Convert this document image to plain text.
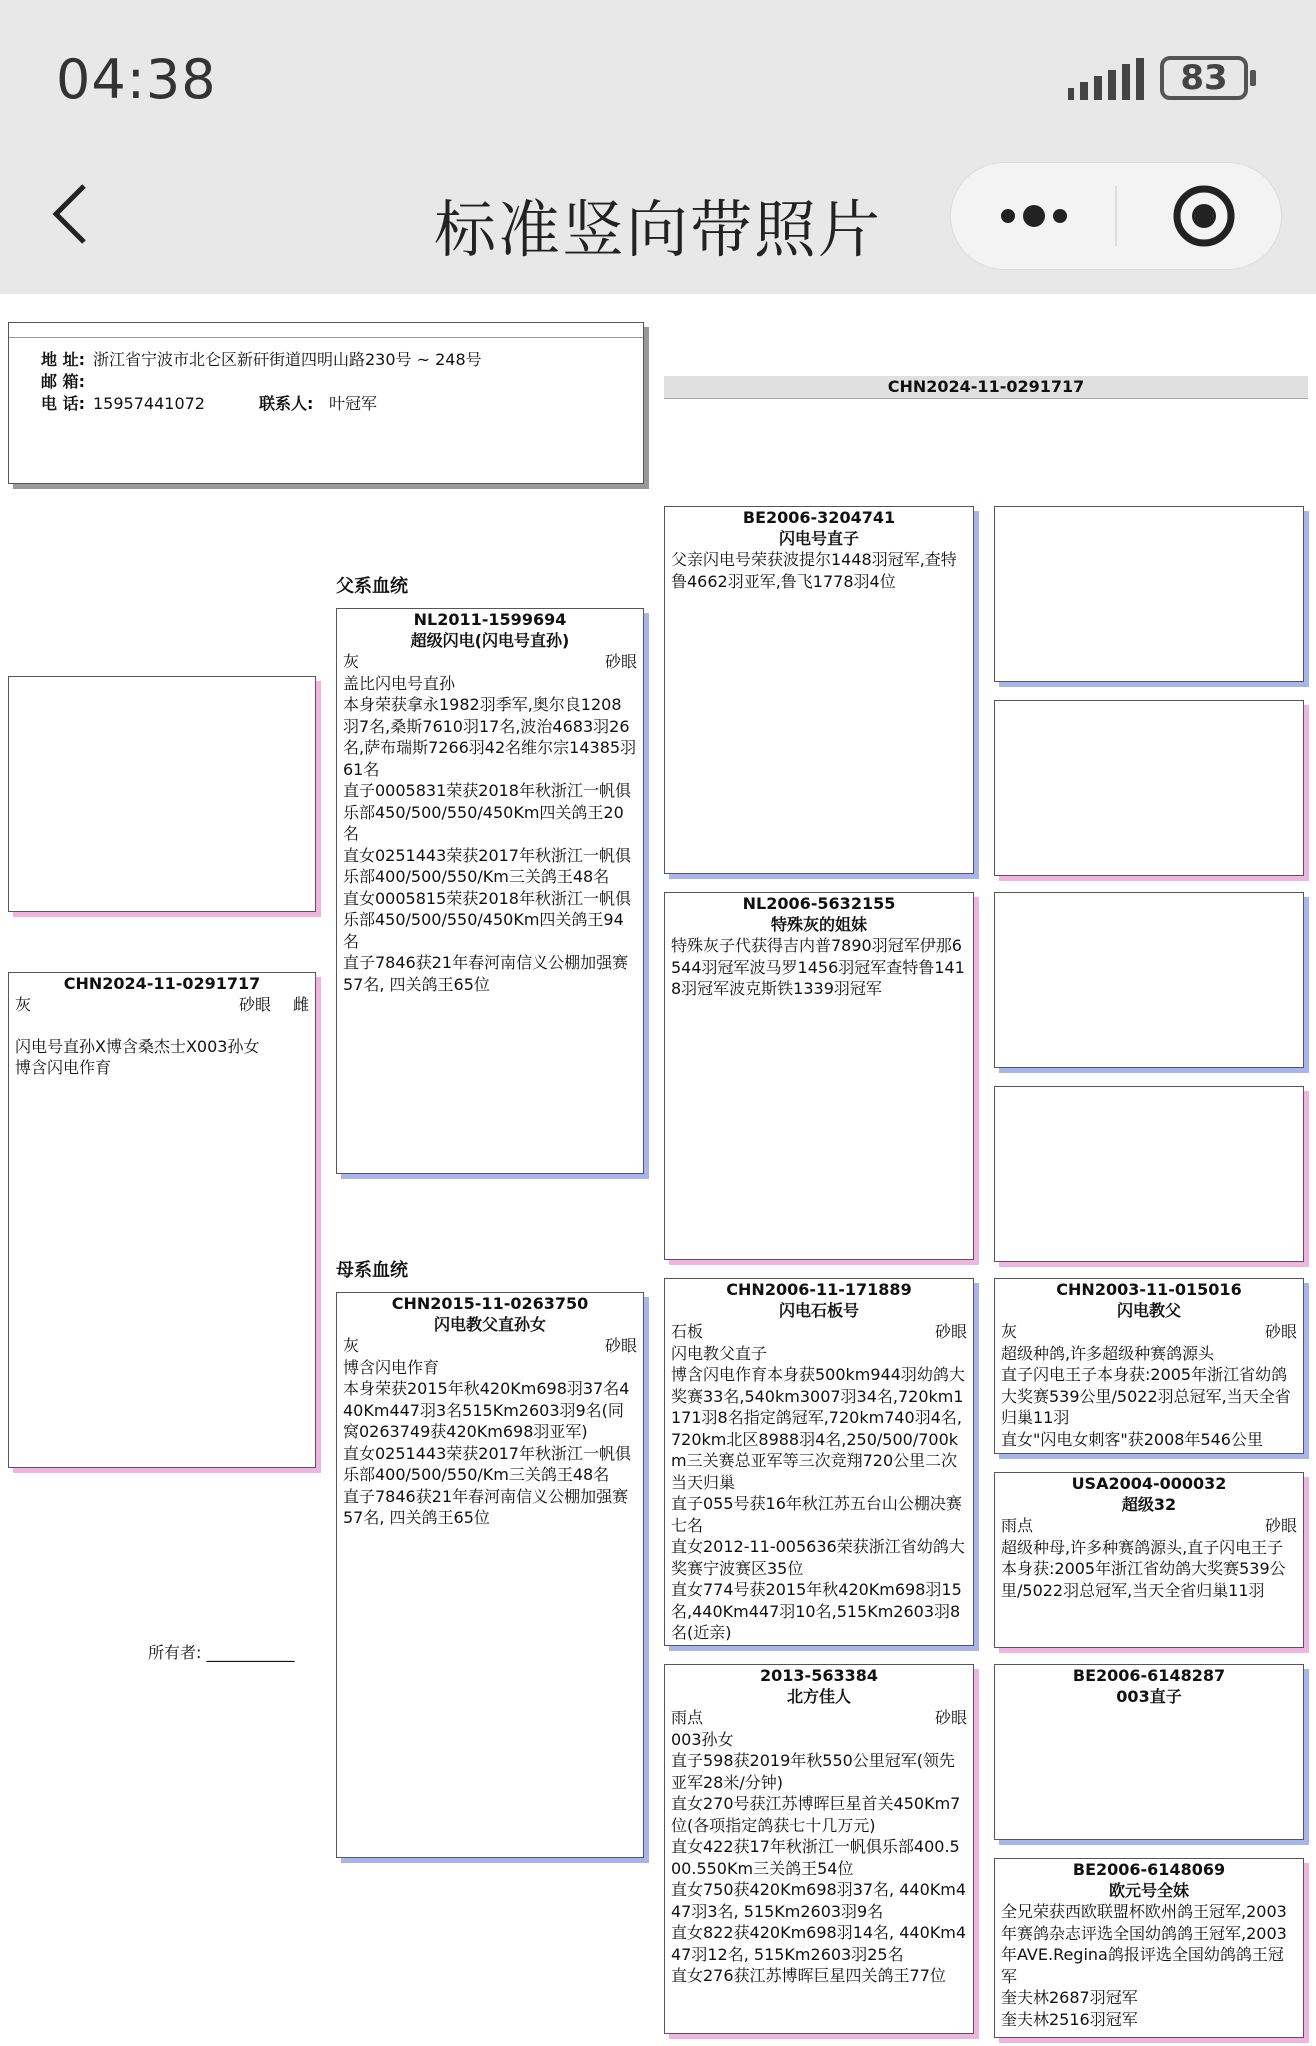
04:38	83
标准竖向带照片
地 址: 浙江省宁波市北仑区新矸街道四明山路230号 ~ 248号
邮 箱:
电 话: 15957441072	联系人: 叶冠军
CHN2024-11-0291717
CHN2024-11-0291717
灰	砂眼 雌
闪电号直孙X博含桑杰士X003孙女
博含闪电作育
所有者: ___________
父系血统
母系血统
NL2011-1599694
超级闪电(闪电号直孙)
灰	砂眼
盖比闪电号直孙
本身荣获拿永1982羽季军,奥尔良1208羽7名,桑斯7610羽17名,波治4683羽26名,萨布瑞斯7266羽42名维尔宗14385羽61名
直子0005831荣获2018年秋浙江一帆俱乐部450/500/550/450Km四关鸽王20名
直女0251443荣获2017年秋浙江一帆俱乐部400/500/550/Km三关鸽王48名
直女0005815荣获2018年秋浙江一帆俱乐部450/500/550/450Km四关鸽王94名
直子7846获21年春河南信义公棚加强赛57名, 四关鸽王65位
CHN2015-11-0263750
闪电教父直孙女
灰	砂眼
博含闪电作育
本身荣获2015年秋420Km698羽37名440Km447羽3名515Km2603羽9名(同窝0263749获420Km698羽亚军)
直女0251443荣获2017年秋浙江一帆俱乐部400/500/550/Km三关鸽王48名
直子7846获21年春河南信义公棚加强赛57名, 四关鸽王65位
BE2006-3204741
闪电号直子
父亲闪电号荣获波提尔1448羽冠军,查特鲁4662羽亚军,鲁飞1778羽4位
NL2006-5632155
特殊灰的姐妹
特殊灰子代获得吉内普7890羽冠军伊那6544羽冠军波马罗1456羽冠军查特鲁1418羽冠军波克斯铁1339羽冠军
CHN2006-11-171889
闪电石板号
石板	砂眼
闪电教父直子
博含闪电作育本身获500km944羽幼鸽大奖赛33名,540km3007羽34名,720km1171羽8名指定鸽冠军,720km740羽4名,720km北区8988羽4名,250/500/700km三关赛总亚军等三次竞翔720公里二次当天归巢
直子055号获16年秋江苏五台山公棚决赛七名
直女2012-11-005636荣获浙江省幼鸽大奖赛宁波赛区35位
直女774号获2015年秋420Km698羽15名,440Km447羽10名,515Km2603羽8名(近亲)
2013-563384
北方佳人
雨点	砂眼
003孙女
直子598获2019年秋550公里冠军(领先亚军28米/分钟)
直女270号获江苏博晖巨星首关450Km7位(各项指定鸽获七十几万元)
直女422获17年秋浙江一帆俱乐部400.500.550Km三关鸽王54位
直女750获420Km698羽37名, 440Km447羽3名, 515Km2603羽9名
直女822获420Km698羽14名, 440Km447羽12名, 515Km2603羽25名
直女276获江苏博晖巨星四关鸽王77位
CHN2003-11-015016
闪电教父
灰	砂眼
超级种鸽,许多超级种赛鸽源头
直子闪电王子本身获:2005年浙江省幼鸽大奖赛539公里/5022羽总冠军,当天全省归巢11羽
直女"闪电女刺客"获2008年546公里
USA2004-000032
超级32
雨点	砂眼
超级种母,许多种赛鸽源头,直子闪电王子本身获:2005年浙江省幼鸽大奖赛539公里/5022羽总冠军,当天全省归巢11羽
BE2006-6148287
003直子
BE2006-6148069
欧元号全妹
全兄荣获西欧联盟杯欧州鸽王冠军,2003年赛鸽杂志评选全国幼鸽鸽王冠军,2003年AVE.Regina鸽报评选全国幼鸽鸽王冠军
奎夫林2687羽冠军
奎夫林2516羽冠军
